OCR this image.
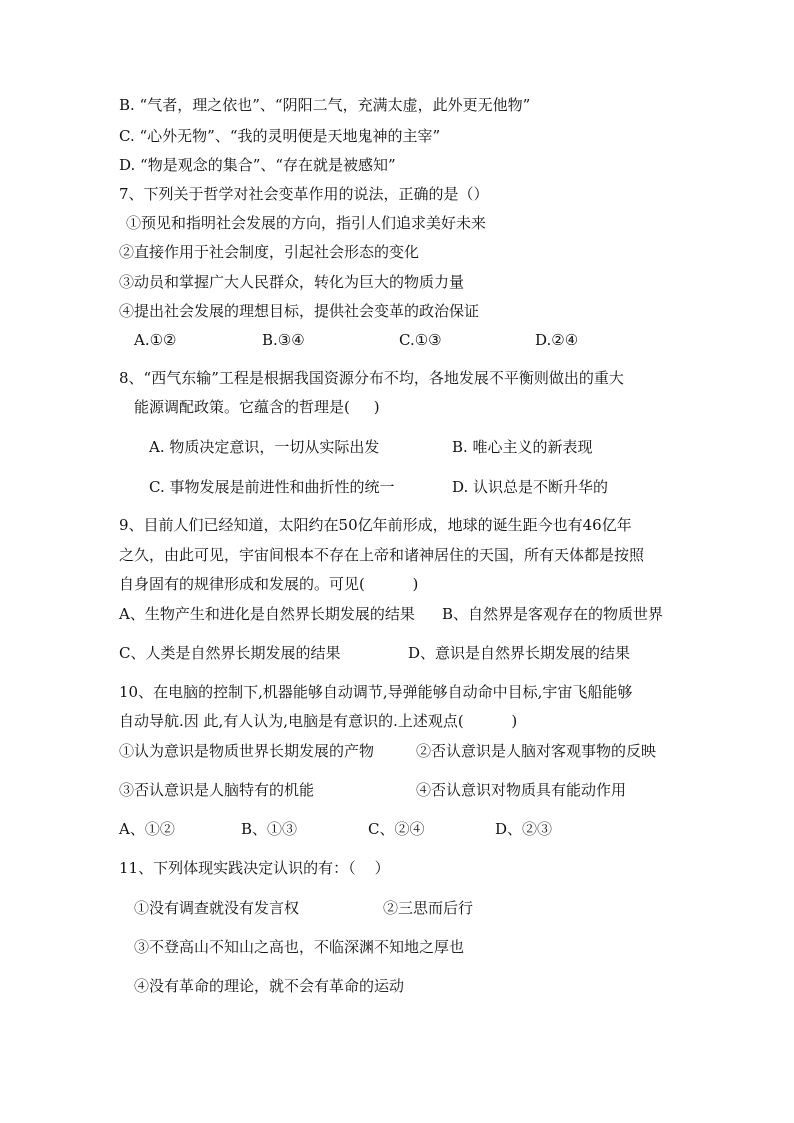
B. “气者，理之依也”、“阴阳二气，充满太虚，此外更无他物”
C. “心外无物”、“我的灵明便是天地鬼神的主宰”
D. “物是观念的集合”、“存在就是被感知”
7、下列关于哲学对社会变革作用的说法，正确的是（）
①预见和指明社会发展的方向，指引人们追求美好未来
②直接作用于社会制度，引起社会形态的变化
③动员和掌握广大人民群众，转化为巨大的物质力量
④提出社会发展的理想目标，提供社会变革的政治保证
A.①②	B.③④	C.①③	D.②④
8、“西气东输”工程是根据我国资源分布不均，各地发展不平衡则做出的重大
能源调配政策。它蕴含的哲理是(     )
A. 物质决定意识，一切从实际出发	B. 唯心主义的新表现
C. 事物发展是前进性和曲折性的统一	D. 认识总是不断升华的
9、目前人们已经知道，太阳约在50亿年前形成，地球的诞生距今也有46亿年
之久，由此可见，宇宙间根本不存在上帝和诸神居住的天国，所有天体都是按照
自身固有的规律形成和发展的。可见(          )
A、生物产生和进化是自然界长期发展的结果 B、自然界是客观存在的物质世界
C、人类是自然界长期发展的结果	D、意识是自然界长期发展的结果
10、在电脑的控制下,机器能够自动调节,导弹能够自动命中目标,宇宙飞船能够
自动导航.因 此,有人认为,电脑是有意识的.上述观点(          )
①认为意识是物质世界长期发展的产物	②否认意识是人脑对客观事物的反映
③否认意识是人脑特有的机能	④否认意识对物质具有能动作用
A、①②	B、①③	C、②④	D、②③
11、下列体现实践决定认识的有：（    ）
①没有调查就没有发言权	②三思而后行
③不登高山不知山之高也，不临深渊不知地之厚也
④没有革命的理论，就不会有革命的运动
